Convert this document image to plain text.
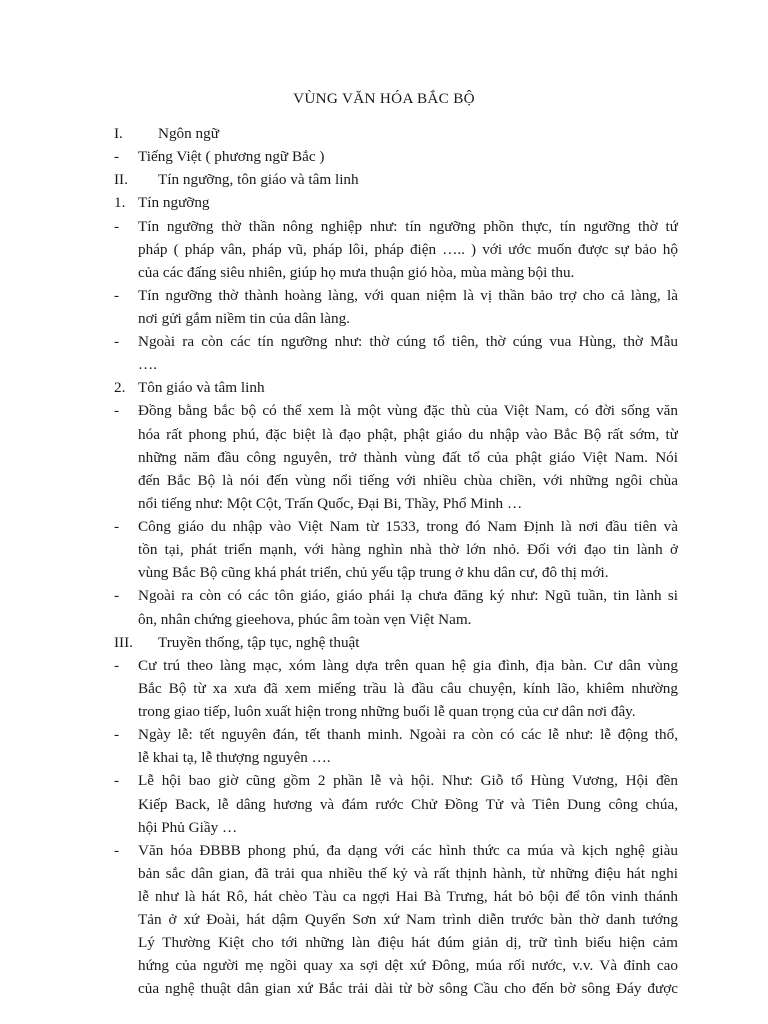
VÙNG VĂN HÓA BẮC BỘ
I. Ngôn ngữ
- Tiếng Việt ( phương ngữ Bắc )
II. Tín ngưỡng, tôn giáo và tâm linh
1. Tín ngưỡng
- Tín ngưỡng thờ thần nông nghiệp như: tín ngưỡng phồn thực, tín ngưỡng thờ tứ
pháp ( pháp vân, pháp vũ, pháp lôi, pháp điện ….. ) với ước muốn được sự bảo hộ
của các đấng siêu nhiên, giúp họ mưa thuận gió hòa, mùa màng bội thu.
- Tín ngưỡng thờ thành hoàng làng, với quan niệm là vị thần bảo trợ cho cả làng, là
nơi gửi gắm niềm tin của dân làng.
- Ngoài ra còn các tín ngưỡng như: thờ cúng tổ tiên, thờ cúng vua Hùng, thờ Mẫu
….
2. Tôn giáo và tâm linh
- Đồng bằng bắc bộ có thể xem là một vùng đặc thù của Việt Nam, có đời sống văn
hóa rất phong phú, đặc biệt là đạo phật, phật giáo du nhập vào Bắc Bộ rất sớm, từ
những năm đầu công nguyên, trở thành vùng đất tổ của phật giáo Việt Nam. Nói
đến Bắc Bộ là nói đến vùng nổi tiếng với nhiều chùa chiền, với những ngôi chùa
nổi tiếng như: Một Cột, Trấn Quốc, Đại Bi, Thầy, Phổ Minh …
- Công giáo du nhập vào Việt Nam từ 1533, trong đó Nam Định là nơi đầu tiên và
tồn tại, phát triển mạnh, với hàng nghìn nhà thờ lớn nhỏ. Đối với đạo tin lành ở
vùng Bắc Bộ cũng khá phát triển, chủ yếu tập trung ở khu dân cư, đô thị mới.
- Ngoài ra còn có các tôn giáo, giáo phái lạ chưa đăng ký như: Ngũ tuần, tin lành si
ôn, nhân chứng gieehova, phúc âm toàn vẹn Việt Nam.
III. Truyền thống, tập tục, nghệ thuật
- Cư trú theo làng mạc, xóm làng dựa trên quan hệ gia đình, địa bàn. Cư dân vùng
Bắc Bộ từ xa xưa đã xem miếng trầu là đầu câu chuyện, kính lão, khiêm nhường
trong giao tiếp, luôn xuất hiện trong những buổi lễ quan trọng của cư dân nơi đây.
- Ngày lễ: tết nguyên đán, tết thanh minh. Ngoài ra còn có các lễ như: lễ động thổ,
lễ khai tạ, lễ thượng nguyên ….
- Lễ hội bao giờ cũng gồm 2 phần lễ và hội. Như: Giỗ tổ Hùng Vương, Hội đền
Kiếp Back, lễ dâng hương và đám rước Chử Đồng Tử và Tiên Dung công chúa,
hội Phủ Giầy …
- Văn hóa ĐBBB phong phú, đa dạng với các hình thức ca múa và kịch nghệ giàu
bản sắc dân gian, đã trải qua nhiều thế kỷ và rất thịnh hành, từ những điệu hát nghi
lễ như là hát Rô, hát chèo Tàu ca ngợi Hai Bà Trưng, hát bỏ bội để tôn vinh thánh
Tản ở xứ Đoài, hát dậm Quyển Sơn xứ Nam trình diễn trước bàn thờ danh tướng
Lý Thường Kiệt cho tới những làn điệu hát đúm giản dị, trữ tình biểu hiện cảm
hứng của người mẹ ngồi quay xa sợi dệt xứ Đông, múa rối nước, v.v. Và đỉnh cao
của nghệ thuật dân gian xứ Bắc trải dài từ bờ sông Cầu cho đến bờ sông Đáy được
